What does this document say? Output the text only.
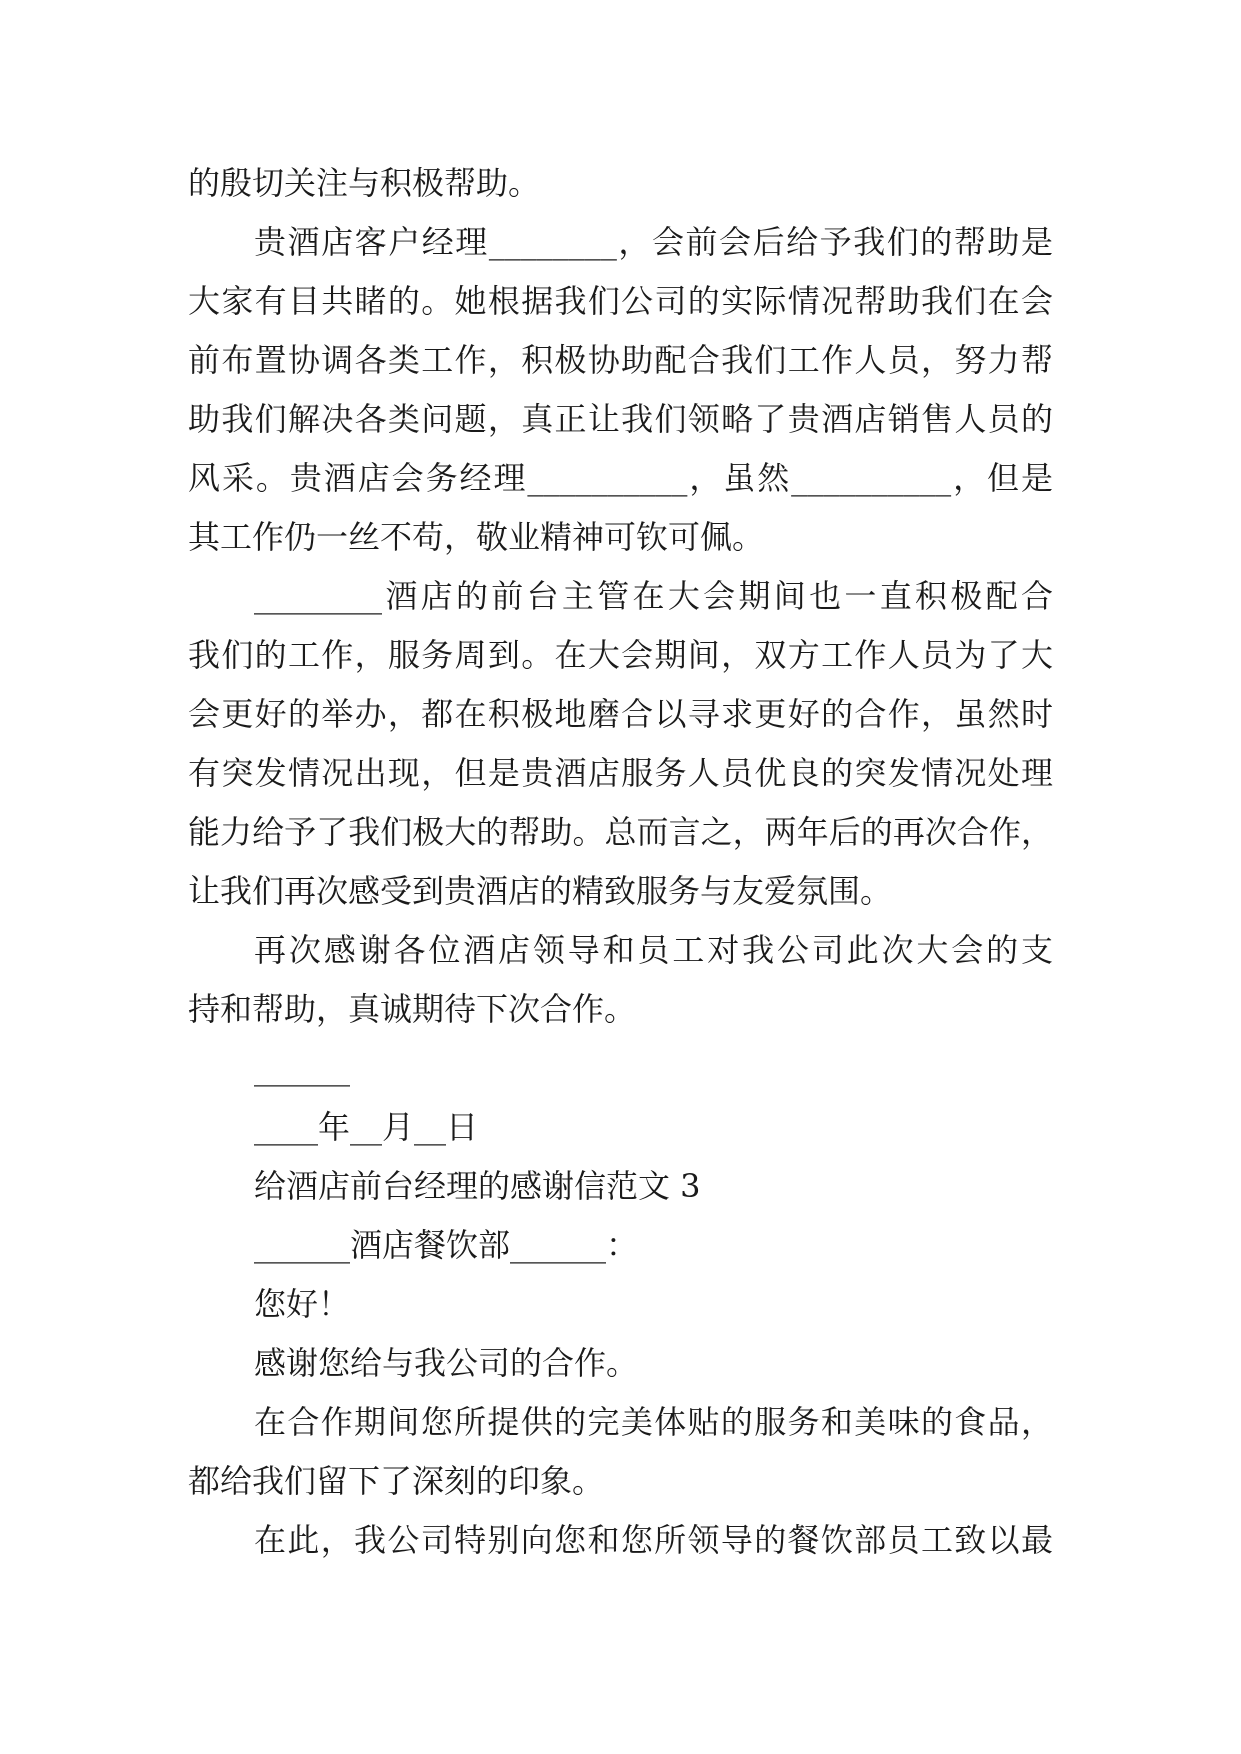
的殷切关注与积极帮助。
贵酒店客户经理________，会前会后给予我们的帮助是
大家有目共睹的。她根据我们公司的实际情况帮助我们在会
前布置协调各类工作，积极协助配合我们工作人员，努力帮
助我们解决各类问题，真正让我们领略了贵酒店销售人员的
风采。贵酒店会务经理__________，虽然__________，但是
其工作仍一丝不苟，敬业精神可钦可佩。
________酒店的前台主管在大会期间也一直积极配合
我们的工作，服务周到。在大会期间，双方工作人员为了大
会更好的举办，都在积极地磨合以寻求更好的合作，虽然时
有突发情况出现，但是贵酒店服务人员优良的突发情况处理
能力给予了我们极大的帮助。总而言之，两年后的再次合作，
让我们再次感受到贵酒店的精致服务与友爱氛围。
再次感谢各位酒店领导和员工对我公司此次大会的支
持和帮助，真诚期待下次合作。
______
____年__月__日
给酒店前台经理的感谢信范文 3
______酒店餐饮部______：
您好！
感谢您给与我公司的合作。
在合作期间您所提供的完美体贴的服务和美味的食品，
都给我们留下了深刻的印象。
在此，我公司特别向您和您所领导的餐饮部员工致以最
